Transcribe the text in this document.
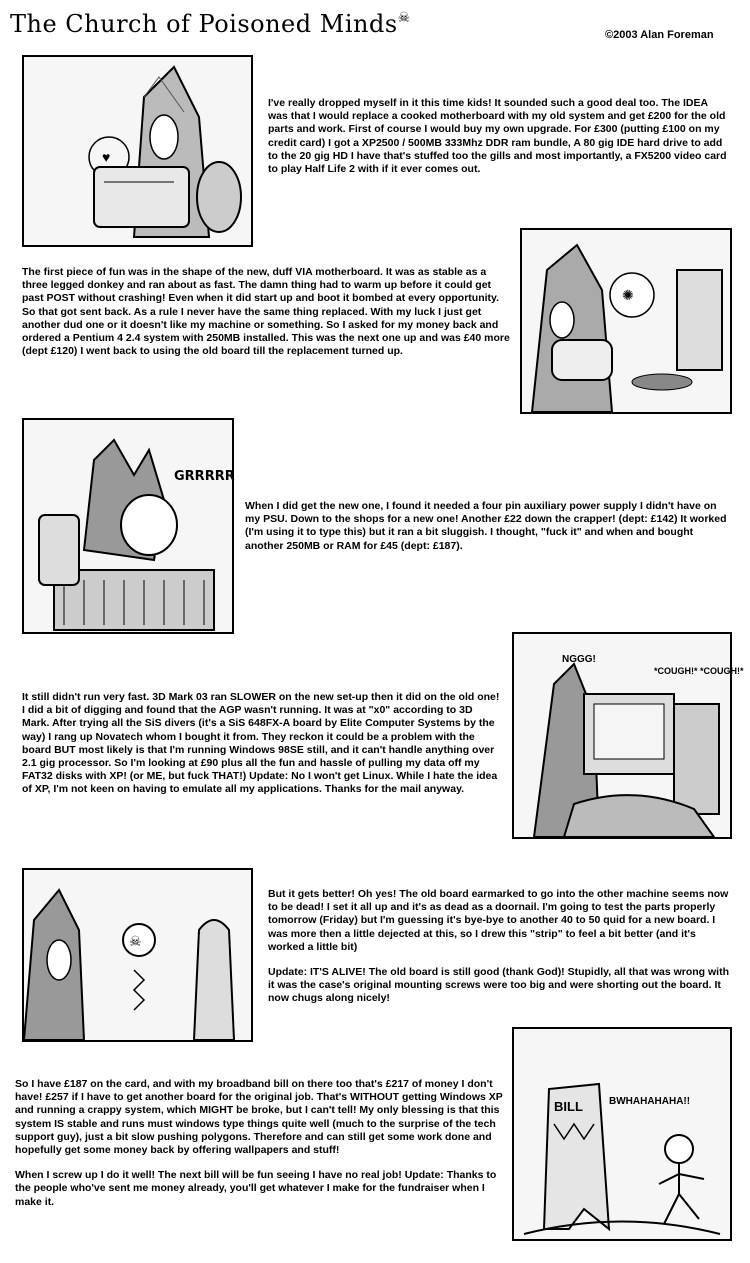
The Church of Poisoned Minds☠
©2003 Alan Foreman
♥

I've really dropped myself in it this time kids! It sounded such a good deal too. The IDEA was that I would replace a cooked motherboard with my old system and get £200 for the old parts and work. First of course I would buy my own upgrade. For £300 (putting £100 on my credit card) I got a XP2500 / 500MB 333Mhz DDR ram bundle, A 80 gig IDE hard drive to add to the 20 gig HD I have that's stuffed too the gills and most importantly, a FX5200 video card to play Half Life 2 with if it ever comes out.

The first piece of fun was in the shape of the new, duff VIA motherboard. It was as stable as a three legged donkey and ran about as fast. The damn thing had to warm up before it could get past POST without crashing! Even when it did start up and boot it bombed at every opportunity. So that got sent back. As a rule I never have the same thing replaced. With my luck I just get another dud one or it doesn't like my machine or something. So I asked for my money back and ordered a Pentium 4 2.4 system with 250MB installed. This was the next one up and was £40 more (dept £120) I went back to using the old board till the replacement turned up.

✺
GRRRRR

When I did get the new one, I found it needed a four pin auxiliary power supply I didn't have on my PSU. Down to the shops for a new one! Another £22 down the crapper! (dept: £142) It worked (I'm using it to type this) but it ran a bit sluggish. I thought, "fuck it" and when and bought another 250MB or RAM for £45 (dept: £187).

It still didn't run very fast. 3D Mark 03 ran SLOWER on the new set-up then it did on the old one! I did a bit of digging and found that the AGP wasn't running. It was at "x0" according to 3D Mark. After trying all the SiS divers (it's a SiS 648FX-A board by Elite Computer Systems by the way) I rang up Novatech whom I bought it from. They reckon it could be a problem with the board BUT most likely is that I'm running Windows 98SE still, and it can't handle anything over 2.1 gig processor. So I'm looking at £90 plus all the fun and hassle of pulling my data off my FAT32 disks with XP! (or ME, but fuck THAT!) Update: No I won't get Linux. While I hate the idea of XP, I'm not keen on having to emulate all my applications. Thanks for the mail anyway.

NGGG!
*COUGH!* *COUGH!*
☠

But it gets better! Oh yes! The old board earmarked to go into the other machine seems now to be dead! I set it all up and it's as dead as a doornail. I'm going to test the parts properly tomorrow (Friday) but I'm guessing it's bye-bye to another 40 to 50 quid for a new board. I was more then a little dejected at this, so I drew this "strip" to feel a bit better (and it's worked a little bit)

Update: IT'S ALIVE! The old board is still good (thank God)! Stupidly, all that was wrong with it was the case's original mounting screws were too big and were shorting out the board. It now chugs along nicely!

So I have £187 on the card, and with my broadband bill on there too that's £217 of money I don't have! £257 if I have to get another board for the original job. That's WITHOUT getting Windows XP and running a crappy system, which MIGHT be broke, but I can't tell! My only blessing is that this system IS stable and runs must windows type things quite well (much to the surprise of the tech support guy), just a bit slow pushing polygons. Therefore and can still get some work done and hopefully get some money back by offering wallpapers and stuff!

When I screw up I do it well! The next bill will be fun seeing I have no real job! Update: Thanks to the people who've sent me money already, you'll get whatever I make for the fundraiser when I make it.

BILL	BWHAHAHAHA!!
